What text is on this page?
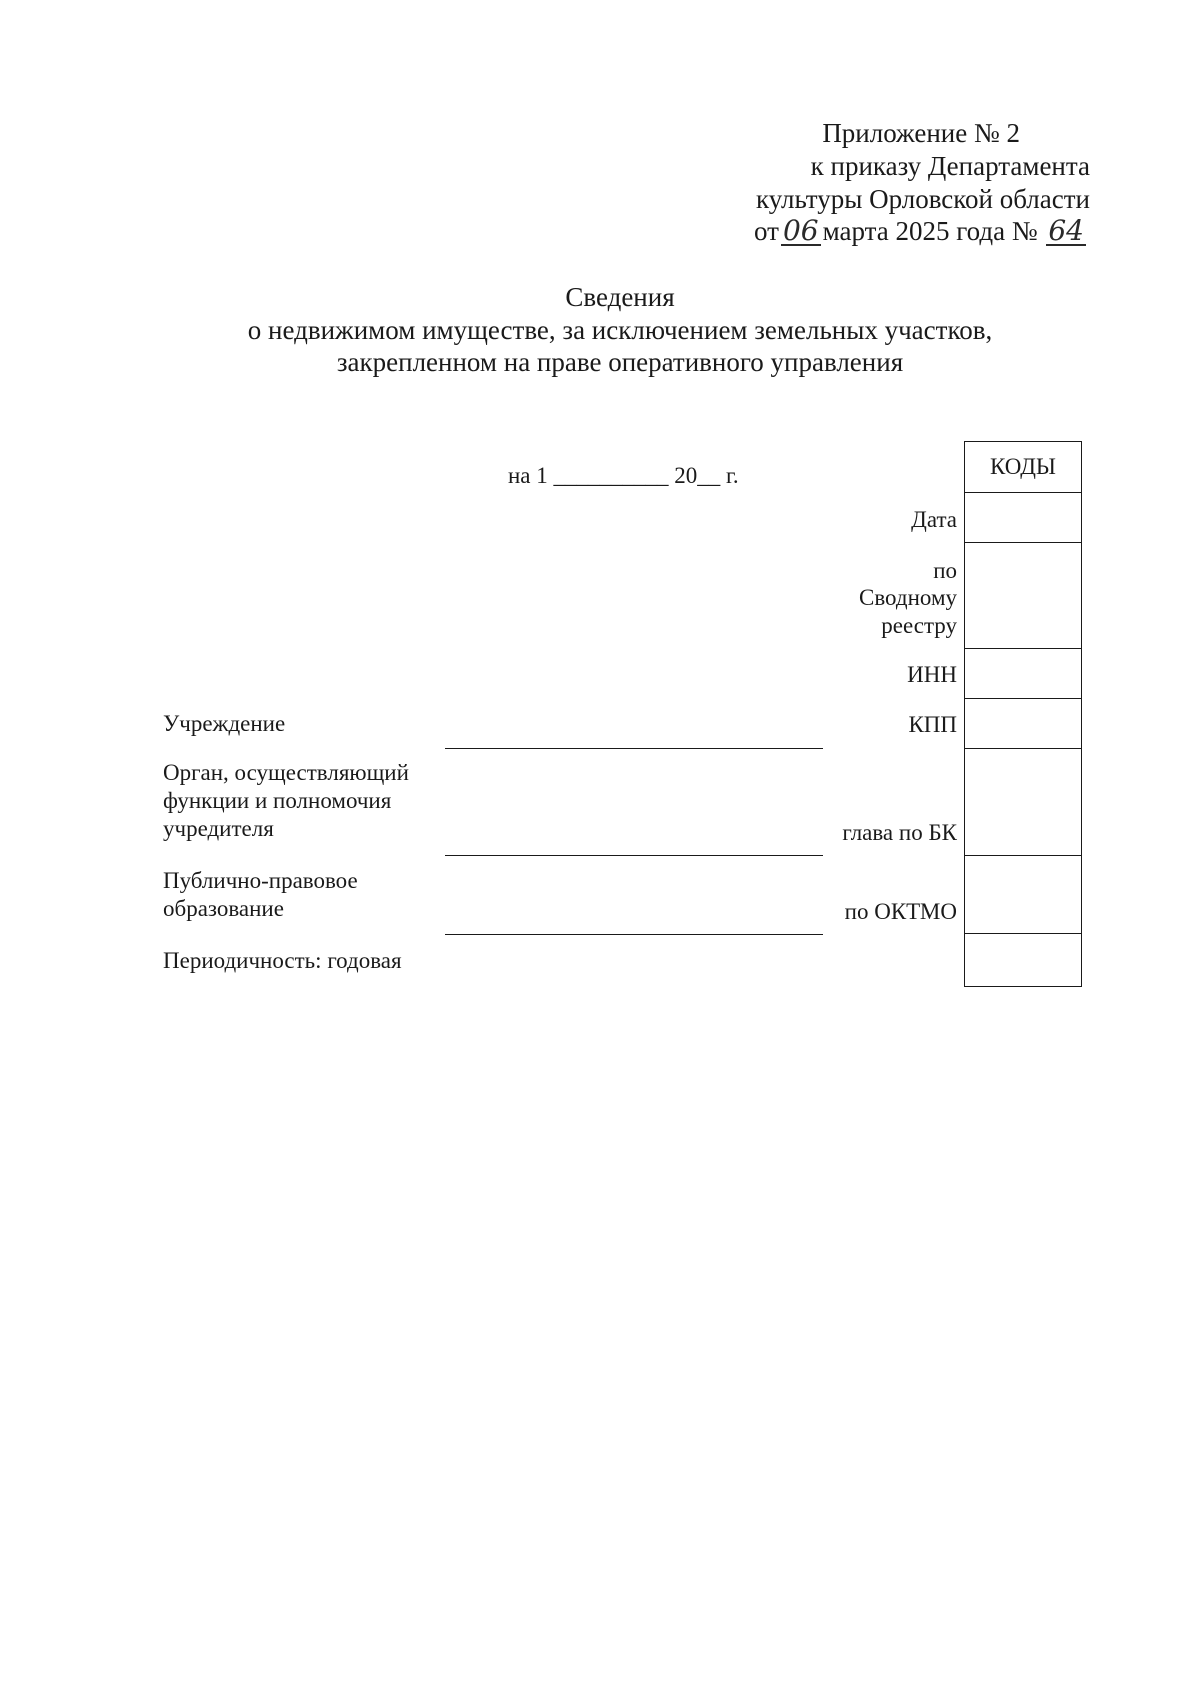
Приложение № 2
к приказу Департамента
культуры Орловской области
от 06 марта 2025 года № 64
Сведения
о недвижимом имуществе, за исключением земельных участков,
закрепленном на праве оперативного управления
на 1 __________ 20__ г.
Учреждение
Орган, осуществляющий
функции и полномочия
учредителя
Публично-правовое
образование
Периодичность: годовая
Дата
по
Сводному
реестру
ИНН
КПП
глава по БК
по ОКТМО
КОДЫ
